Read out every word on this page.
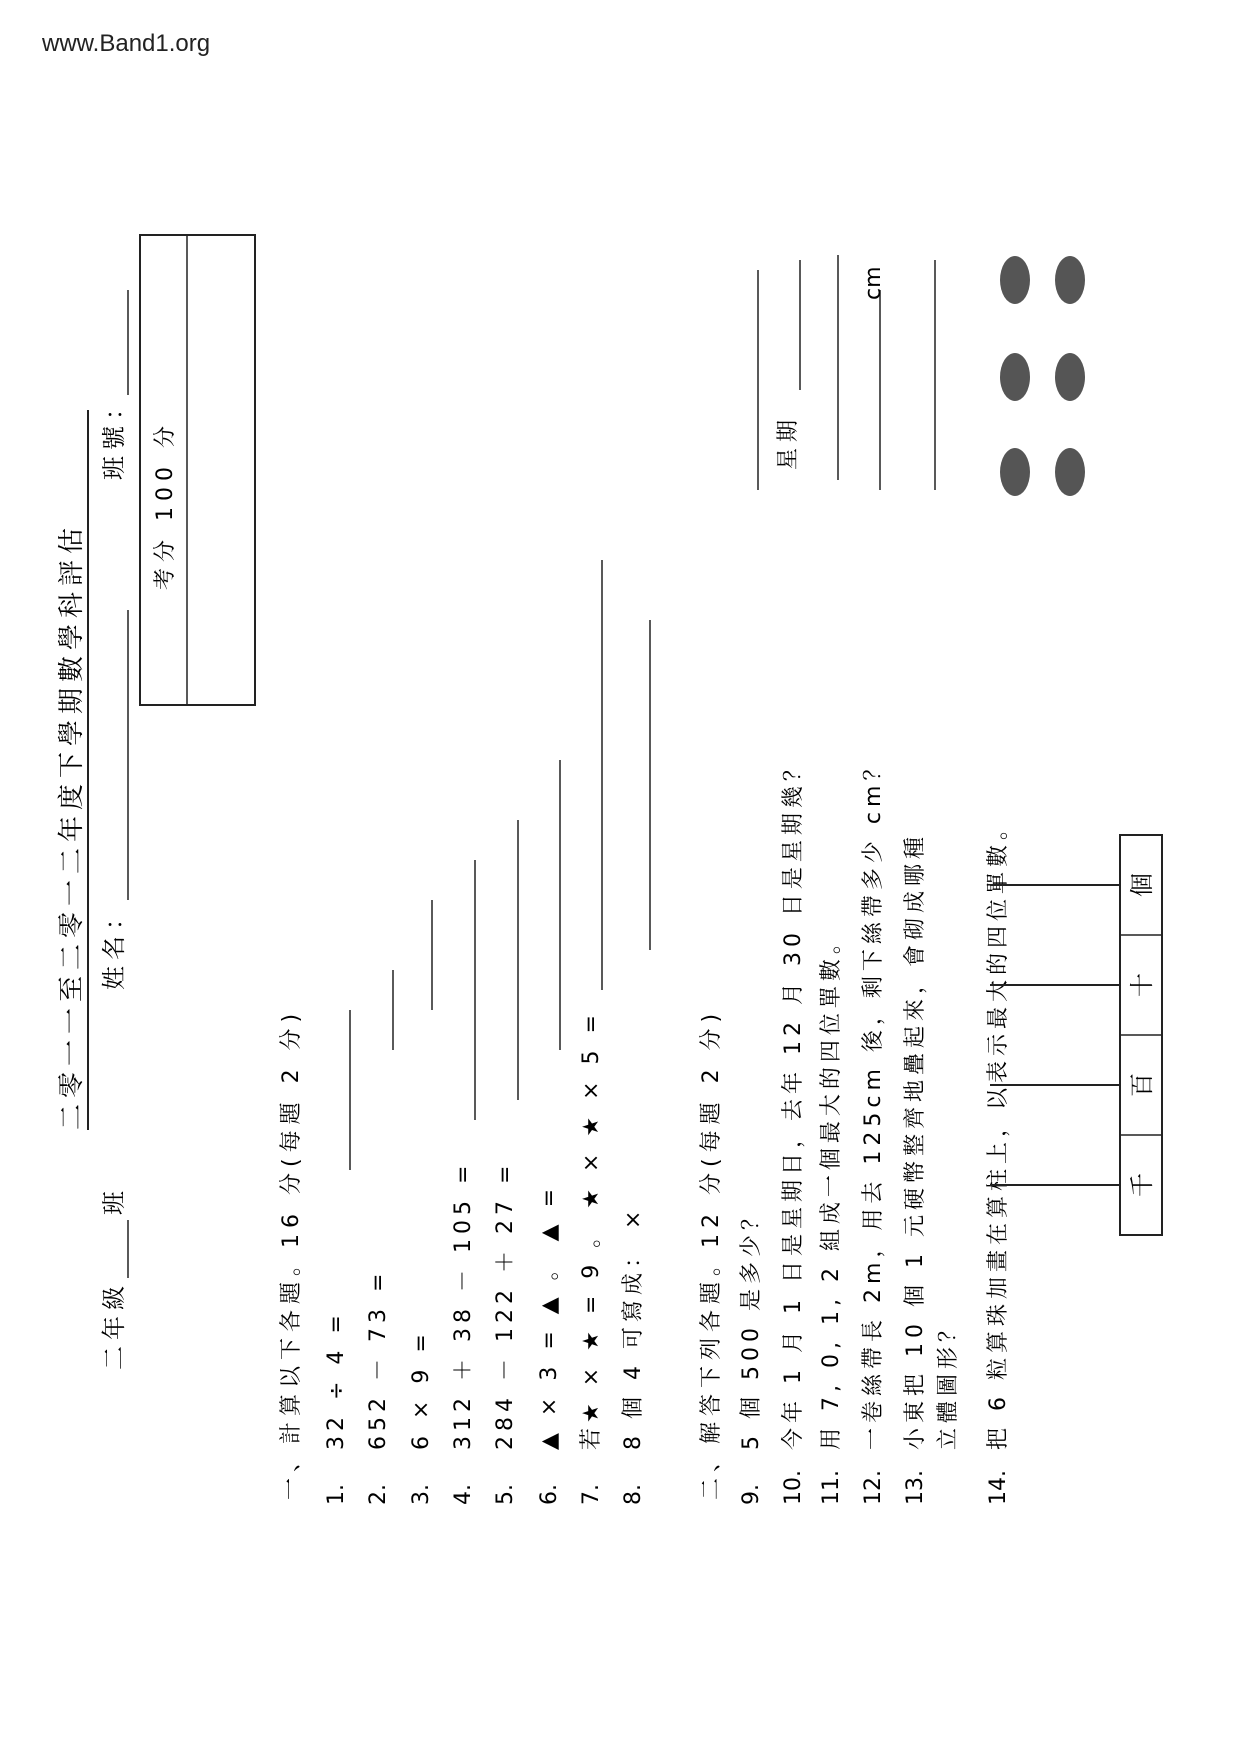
www.Band1.org
二零一一至二零一二年度下學期數學科評估
二年級
班
姓名：
班號： 考分 100 分
一、計算以下各題。16 分(每題 2 分) 1.
32 ÷ 4 =
2.
652 － 73 =
3.
6 × 9 =
4.
312 ＋ 38 － 105 =
5.
284 － 122 ＋ 27 =
6.
▲ × 3 = ▲ 。 ▲ =
7.
若★ × ★ = 9 。 ★ × ★ × 5 =
8.
8 個 4 可寫成： × 二、解答下列各題。12 分(每題 2 分) 9.
5 個 500 是多少？
10.
今年 1 月 1 日是星期日，去年 12 月 30 日是星期幾？
11.
用 7, 0, 1, 2 組成一個最大的四位單數。
12.
一卷絲帶長 2m，用去 125cm 後，剩下絲帶多少 cm？
13.
小東把 10 個 1 元硬幣整齊地疊起來，會砌成哪種 立體圖形？
14.
把 6 粒算珠加畫在算柱上，以表示最大的四位單數。
星期
cm
千
百
十
個
